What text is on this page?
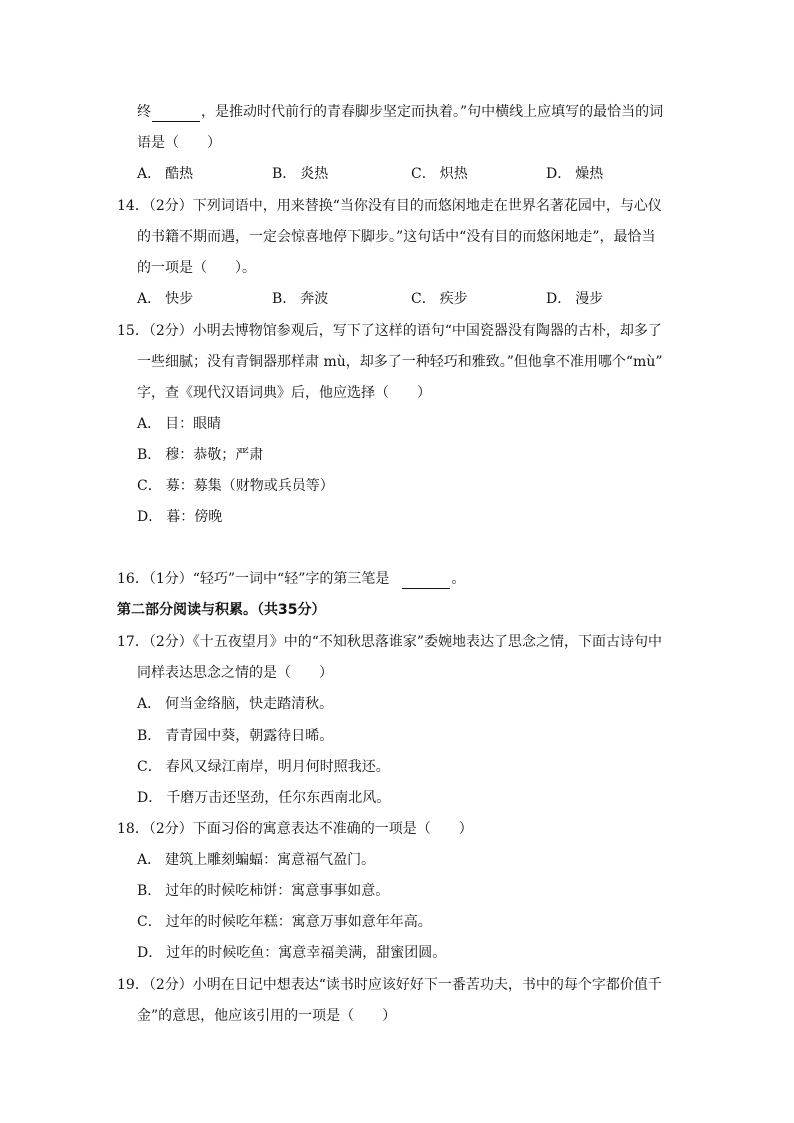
终	，是推动时代前行的青春脚步坚定而执着。”句中横线上应填写的最恰当的词
语是（　　）
A． 酷热	B． 炎热	C． 炽热	D． 燥热
14．（2分）下列词语中，用来替换“当你没有目的而悠闲地走在世界名著花园中，与心仪
的书籍不期而遇，一定会惊喜地停下脚步。”这句话中“没有目的而悠闲地走”，最恰当
的一项是（　　）。
A． 快步	B． 奔波	C． 疾步	D． 漫步
15．（2分）小明去博物馆参观后，写下了这样的语句“中国瓷器没有陶器的古朴，却多了
一些细腻；没有青铜器那样肃 mù，却多了一种轻巧和雅致。”但他拿不准用哪个“mù”
字，查《现代汉语词典》后，他应选择（　　）
A． 目：眼睛
B． 穆：恭敬；严肃
C． 募：募集（财物或兵员等）
D． 暮：傍晚
16．（1分）“轻巧”一词中“轻”字的第三笔是	。
第二部分阅读与积累。（共35分）
17．（2分）《十五夜望月》中的“不知秋思落谁家”委婉地表达了思念之情，下面古诗句中
同样表达思念之情的是（　　）
A． 何当金络脑，快走踏清秋。
B． 青青园中葵，朝露待日晞。
C． 春风又绿江南岸，明月何时照我还。
D． 千磨万击还坚劲，任尔东西南北风。
18．（2分）下面习俗的寓意表达不准确的一项是（　　）
A． 建筑上雕刻蝙蝠：寓意福气盈门。
B． 过年的时候吃柿饼：寓意事事如意。
C． 过年的时候吃年糕：寓意万事如意年年高。
D． 过年的时候吃鱼：寓意幸福美满，甜蜜团圆。
19．（2分）小明在日记中想表达“读书时应该好好下一番苦功夫，书中的每个字都价值千
金”的意思，他应该引用的一项是（　　）
